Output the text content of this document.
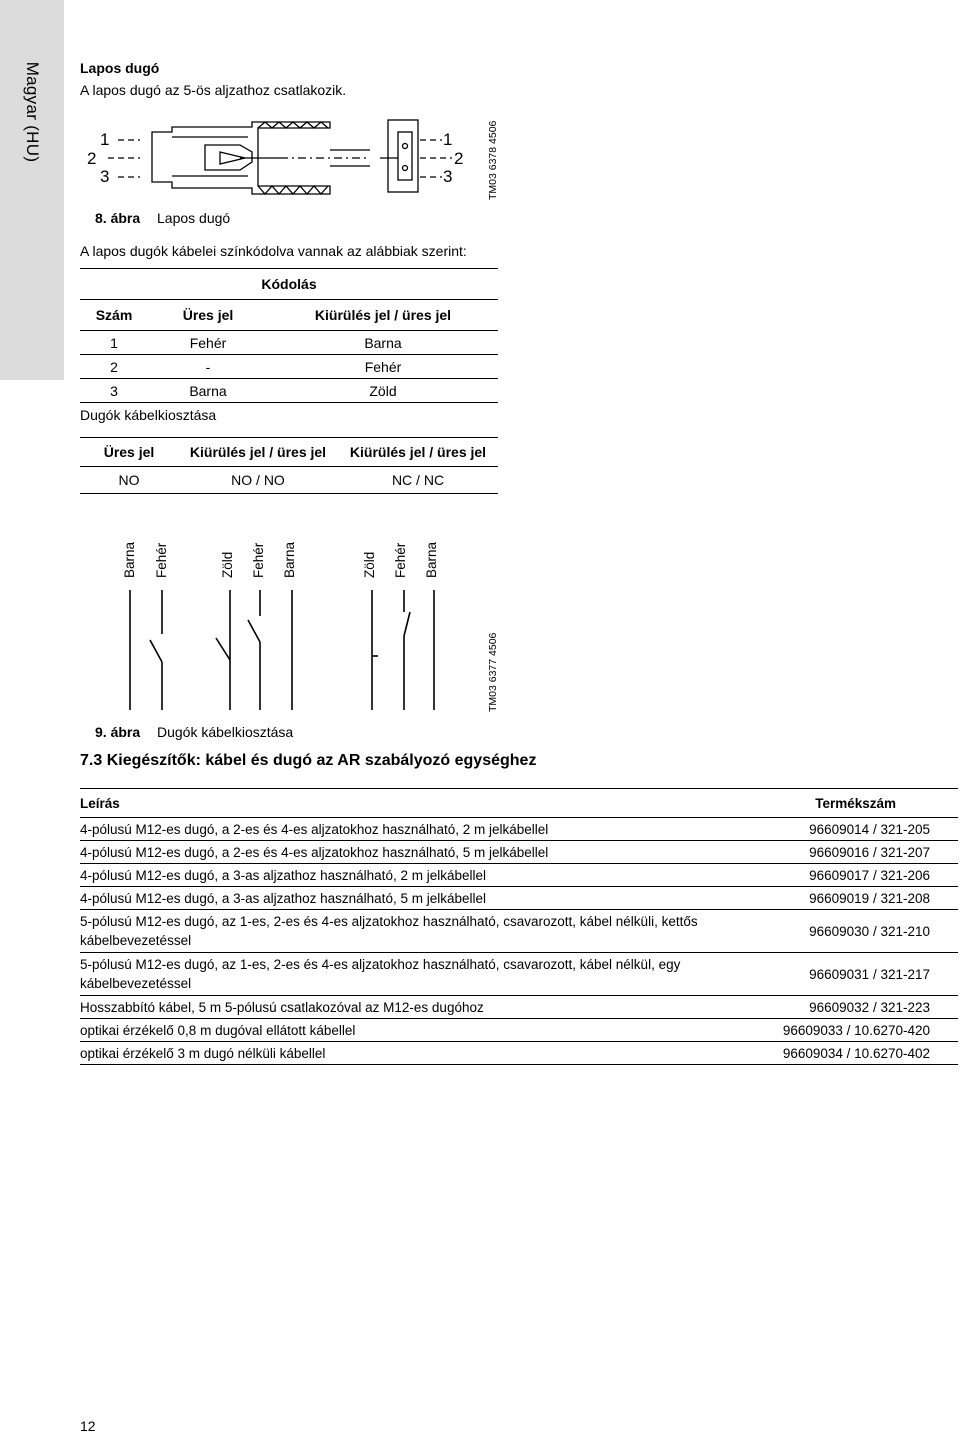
Magyar (HU)	Lapos dugó
A lapos dugó az 5-ös aljzathoz csatlakozik.
1
2
3
1
2
3	TM03 6378 4506
8. ábra Lapos dugó
A lapos dugók kábelei színkódolva vannak az alábbiak szerint:
Kódolás		
Szám	Üres jel	Kiürülés jel / üres jel
1	Fehér	Barna
2	-	Fehér
3	Barna	Zöld
Dugók kábelkiosztása
Üres jel	Kiürülés jel / üres jel	Kiürülés jel / üres jel
NO	NO / NO	NC / NC
Barna Fehér	Zöld Fehér Barna	Zöld Fehér Barna
TM03 6377 4506
9. ábra Dugók kábelkiosztása
7.3 Kiegészítők: kábel és dugó az AR szabályozó egységhez
Leírás	Termékszám
4-pólusú M12-es dugó, a 2-es és 4-es aljzatokhoz használható, 2 m jelkábellel	96609014 / 321-205
4-pólusú M12-es dugó, a 2-es és 4-es aljzatokhoz használható, 5 m jelkábellel	96609016 / 321-207
4-pólusú M12-es dugó, a 3-as aljzathoz használható, 2 m jelkábellel	96609017 / 321-206
4-pólusú M12-es dugó, a 3-as aljzathoz használható, 5 m jelkábellel	96609019 / 321-208
5-pólusú M12-es dugó, az 1-es, 2-es és 4-es aljzatokhoz használható, csavarozott, kábel nélküli, kettős kábelbevezetéssel	96609030 / 321-210
5-pólusú M12-es dugó, az 1-es, 2-es és 4-es aljzatokhoz használható, csavarozott, kábel nélkül, egy kábelbevezetéssel	96609031 / 321-217
Hosszabbító kábel, 5 m 5-pólusú csatlakozóval az M12-es dugóhoz	96609032 / 321-223
optikai érzékelő 0,8 m dugóval ellátott kábellel	96609033 / 10.6270-420
optikai érzékelő 3 m dugó nélküli kábellel	96609034 / 10.6270-402
12
